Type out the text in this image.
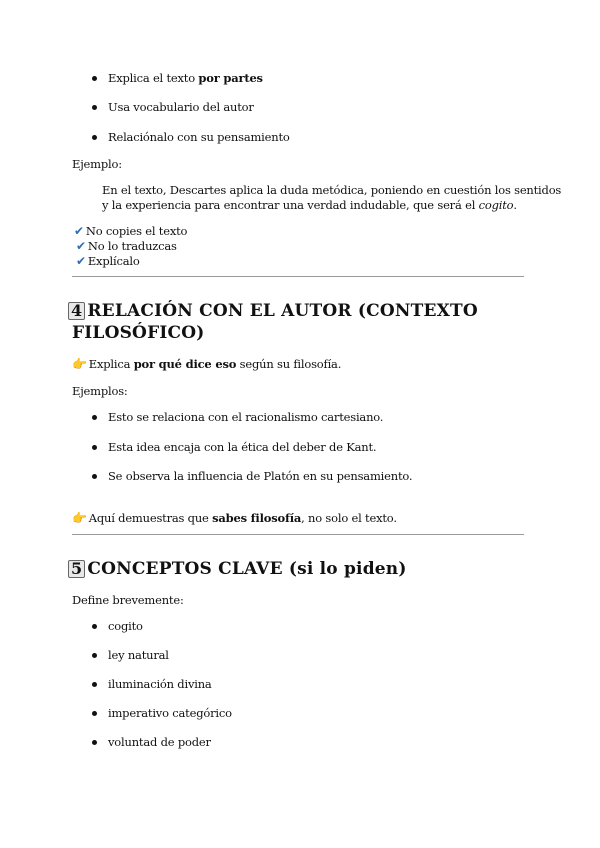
Explica el texto por partes
Usa vocabulario del autor
Relaciónalo con su pensamiento
Ejemplo:
En el texto, Descartes aplica la duda metódica, poniendo en cuestión los sentidos
y la experiencia para encontrar una verdad indudable, que será el cogito.
✔ No copies el texto
✔ No lo traduzcas
✔ Explícalo
4 RELACIÓN CON EL AUTOR (CONTEXTO
FILOSÓFICO)
👉 Explica por qué dice eso según su filosofía.
Ejemplos:
Esto se relaciona con el racionalismo cartesiano.
Esta idea encaja con la ética del deber de Kant.
Se observa la influencia de Platón en su pensamiento.
👉 Aquí demuestras que sabes filosofía, no solo el texto.
5 CONCEPTOS CLAVE (si lo piden)
Define brevemente:
cogito
ley natural
iluminación divina
imperativo categórico
voluntad de poder
